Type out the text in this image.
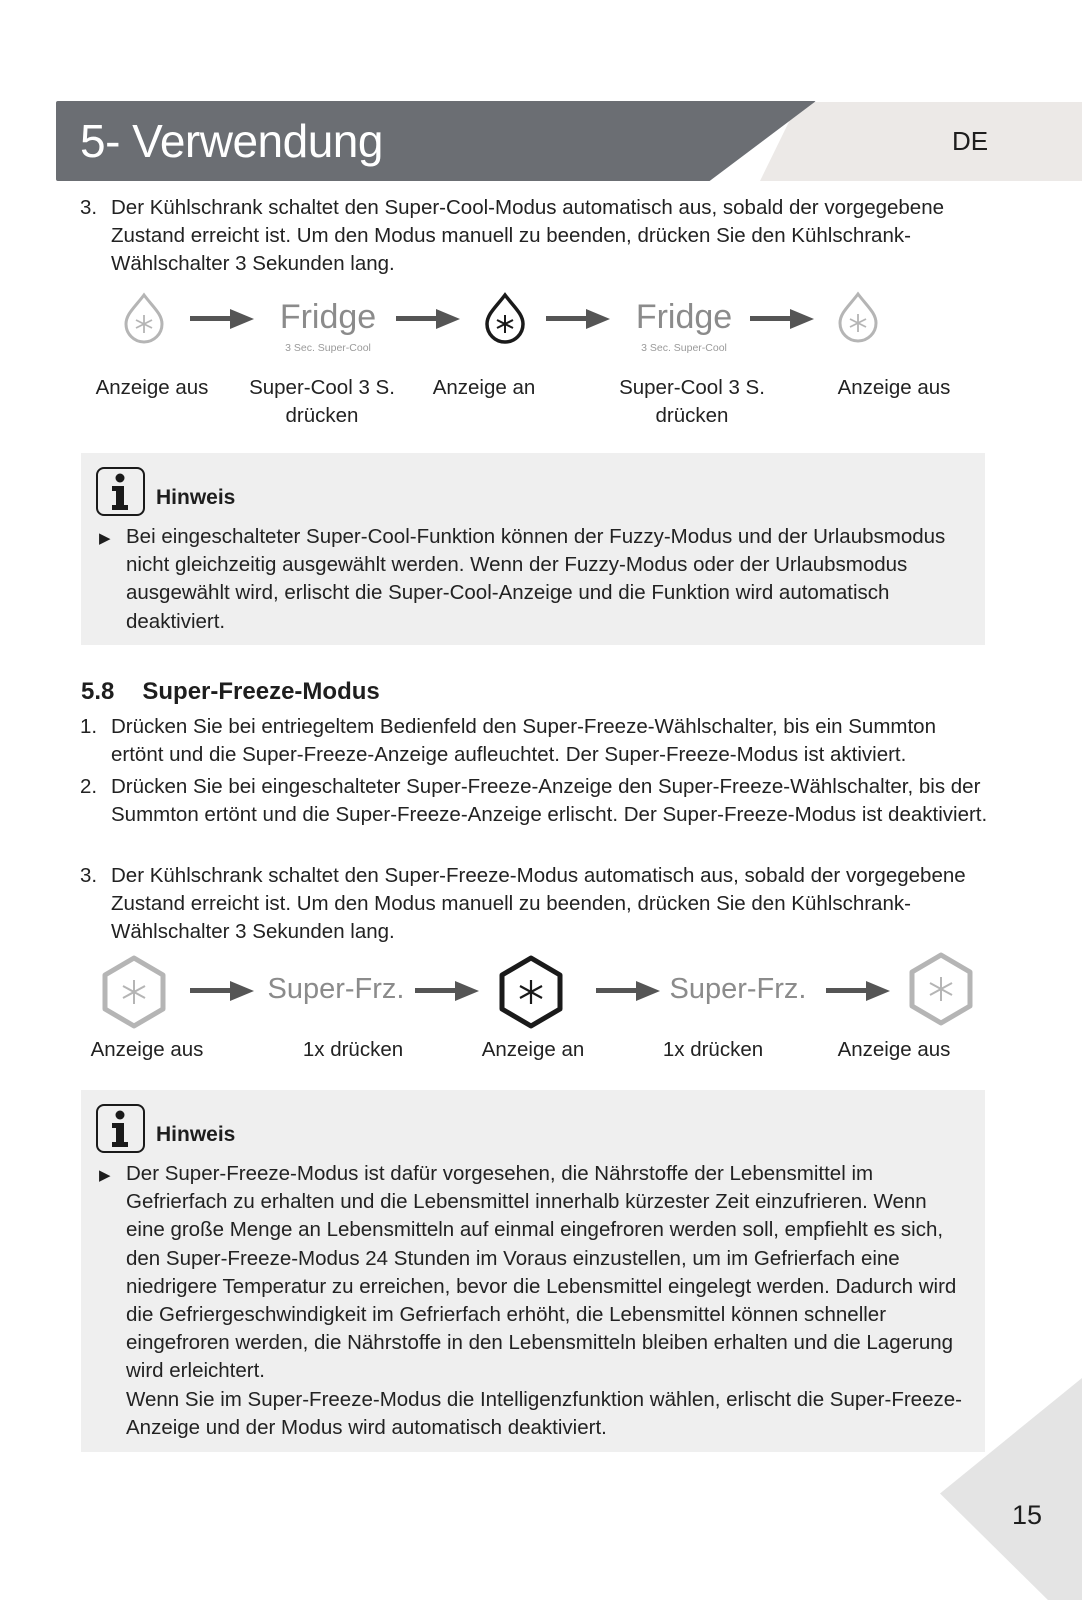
5- Verwendung	DE
3. Der Kühlschrank schaltet den Super-Cool-Modus automatisch aus, sobald der vorgegebene Zustand erreicht ist. Um den Modus manuell zu beenden, drücken Sie den Kühlschrank-Wählschalter 3 Sekunden lang.
Fridge
3 Sec. Super-Cool
Fridge
3 Sec. Super-Cool
Anzeige aus	Super-Cool 3 S. drücken
Anzeige an	Super-Cool 3 S. drücken
Anzeige aus
Hinweis
▶ Bei eingeschalteter Super-Cool-Funktion können der Fuzzy-Modus und der Urlaubsmodus nicht gleichzeitig ausgewählt werden. Wenn der Fuzzy-Modus oder der Urlaubsmodus ausgewählt wird, erlischt die Super-Cool-Anzeige und die Funktion wird automatisch deaktiviert.
5.8 Super-Freeze-Modus
1. Drücken Sie bei entriegeltem Bedienfeld den Super-Freeze-Wählschalter, bis ein Summton ertönt und die Super-Freeze-Anzeige aufleuchtet. Der Super-Freeze-Modus ist aktiviert.
2. Drücken Sie bei eingeschalteter Super-Freeze-Anzeige den Super-Freeze-Wählschalter, bis der Summton ertönt und die Super-Freeze-Anzeige erlischt. Der Super-Freeze-Modus ist deaktiviert.
3. Der Kühlschrank schaltet den Super-Freeze-Modus automatisch aus, sobald der vorgegebene Zustand erreicht ist. Um den Modus manuell zu beenden, drücken Sie den Kühlschrank-Wählschalter 3 Sekunden lang.
Super-Frz.	Super-Frz.
Anzeige aus	1x drücken	Anzeige an	1x drücken	Anzeige aus
Hinweis
▶ Der Super-Freeze-Modus ist dafür vorgesehen, die Nährstoffe der Lebensmittel im Gefrierfach zu erhalten und die Lebensmittel innerhalb kürzester Zeit einzufrieren. Wenn eine große Menge an Lebensmitteln auf einmal eingefroren werden soll, empfiehlt es sich, den Super-Freeze-Modus 24 Stunden im Voraus einzustellen, um im Gefrierfach eine niedrigere Temperatur zu erreichen, bevor die Lebensmittel eingelegt werden. Dadurch wird die Gefriergeschwindigkeit im Gefrierfach erhöht, die Lebensmittel können schneller eingefroren werden, die Nährstoffe in den Lebensmitteln bleiben erhalten und die Lagerung wird erleichtert.
Wenn Sie im Super-Freeze-Modus die Intelligenzfunktion wählen, erlischt die Super-Freeze-Anzeige und der Modus wird automatisch deaktiviert.
15
